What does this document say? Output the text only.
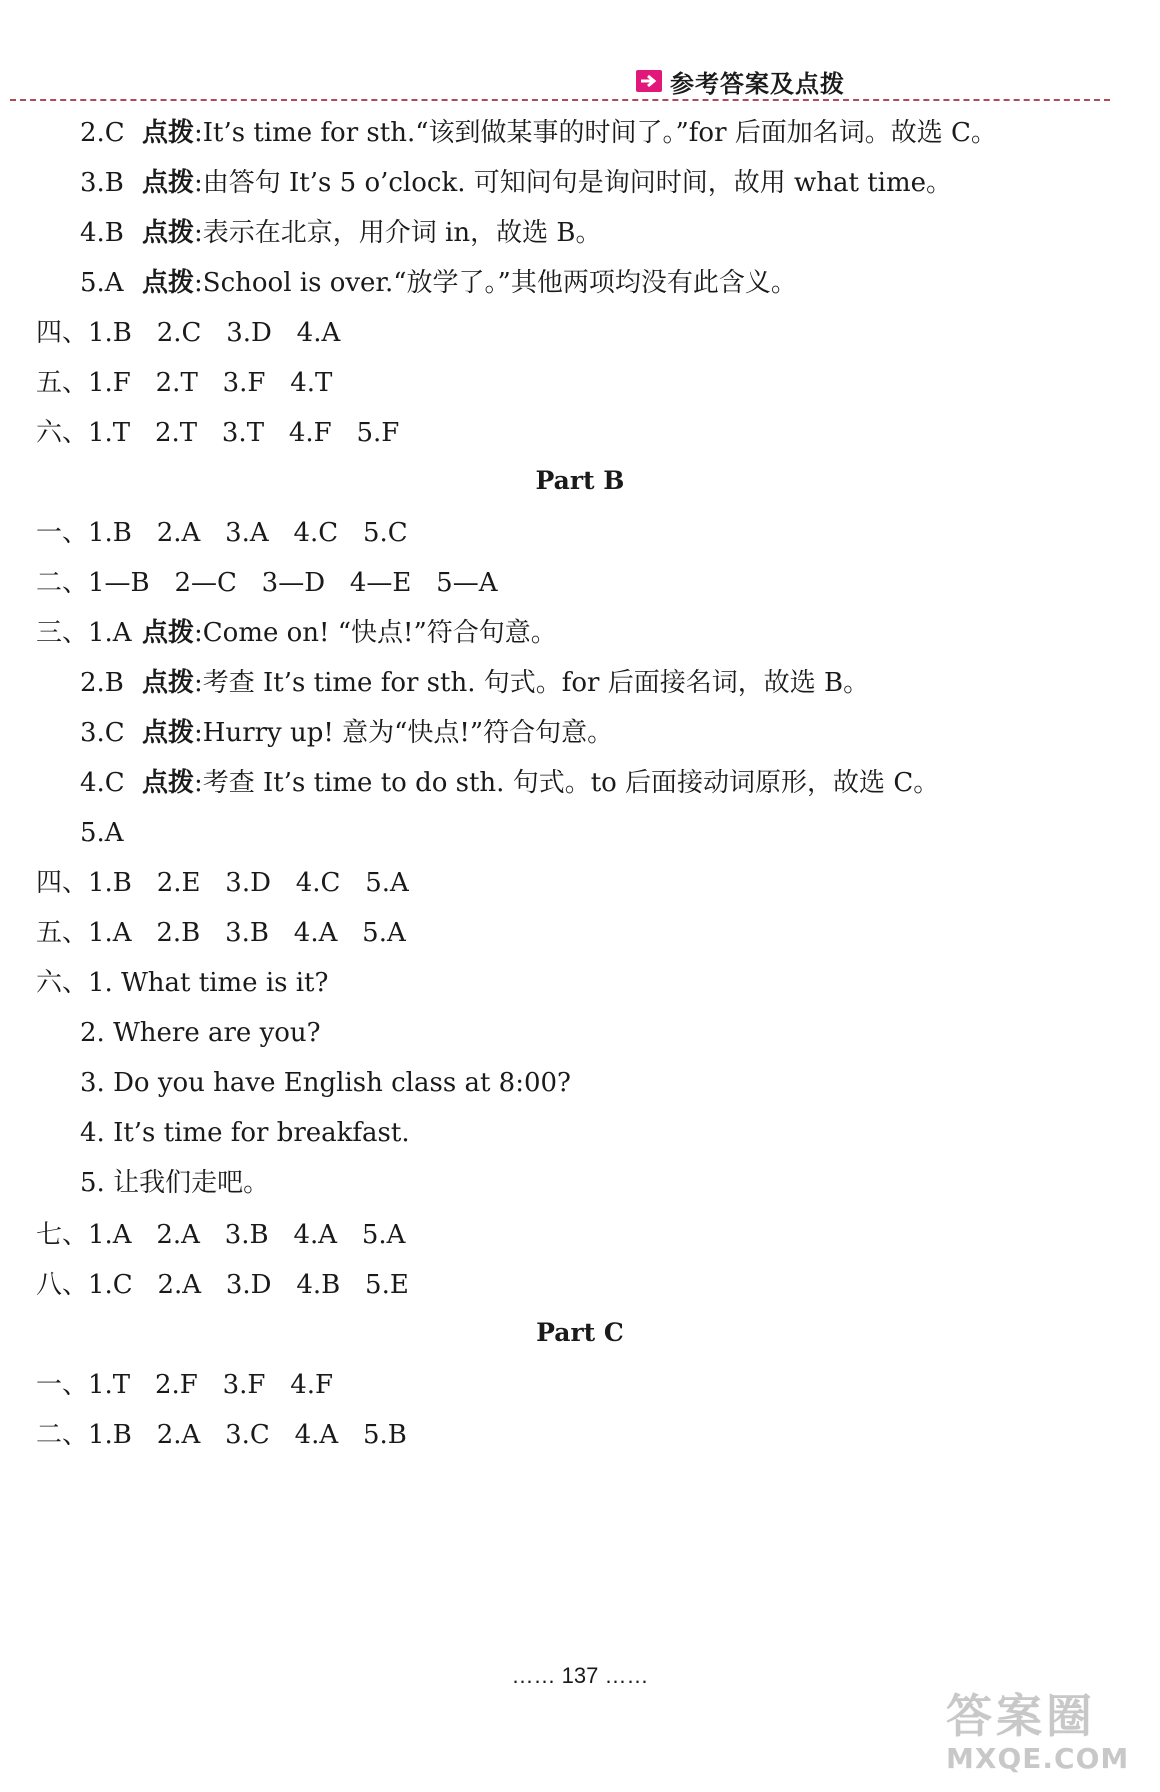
参考答案及点拨
2.C 点拨:It’s time for sth.“该到做某事的时间了。”for 后面加名词。故选 C。
3.B 点拨:由答句 It’s 5 o’clock. 可知问句是询问时间，故用 what time。
4.B 点拨:表示在北京，用介词 in，故选 B。
5.A 点拨:School is over.“放学了。”其他两项均没有此含义。
四、1.B   2.C   3.D   4.A
五、1.F   2.T   3.F   4.T
六、1.T   2.T   3.T   4.F   5.F
Part B
一、1.B   2.A   3.A   4.C   5.C
二、1—B   2—C   3—D   4—E   5—A
三、1.A 点拨:Come on! “快点!”符合句意。
2.B 点拨:考查 It’s time for sth. 句式。for 后面接名词，故选 B。
3.C 点拨:Hurry up! 意为“快点!”符合句意。
4.C 点拨:考查 It’s time to do sth. 句式。to 后面接动词原形，故选 C。
5.A
四、1.B   2.E   3.D   4.C   5.A
五、1.A   2.B   3.B   4.A   5.A
六、1. What time is it?
2. Where are you?
3. Do you have English class at 8:00?
4. It’s time for breakfast.
5. 让我们走吧。
七、1.A   2.A   3.B   4.A   5.A
八、1.C   2.A   3.D   4.B   5.E
Part C
一、1.T   2.F   3.F   4.F
二、1.B   2.A   3.C   4.A   5.B
…… 137 ……
答案圈
MXQE.COM
